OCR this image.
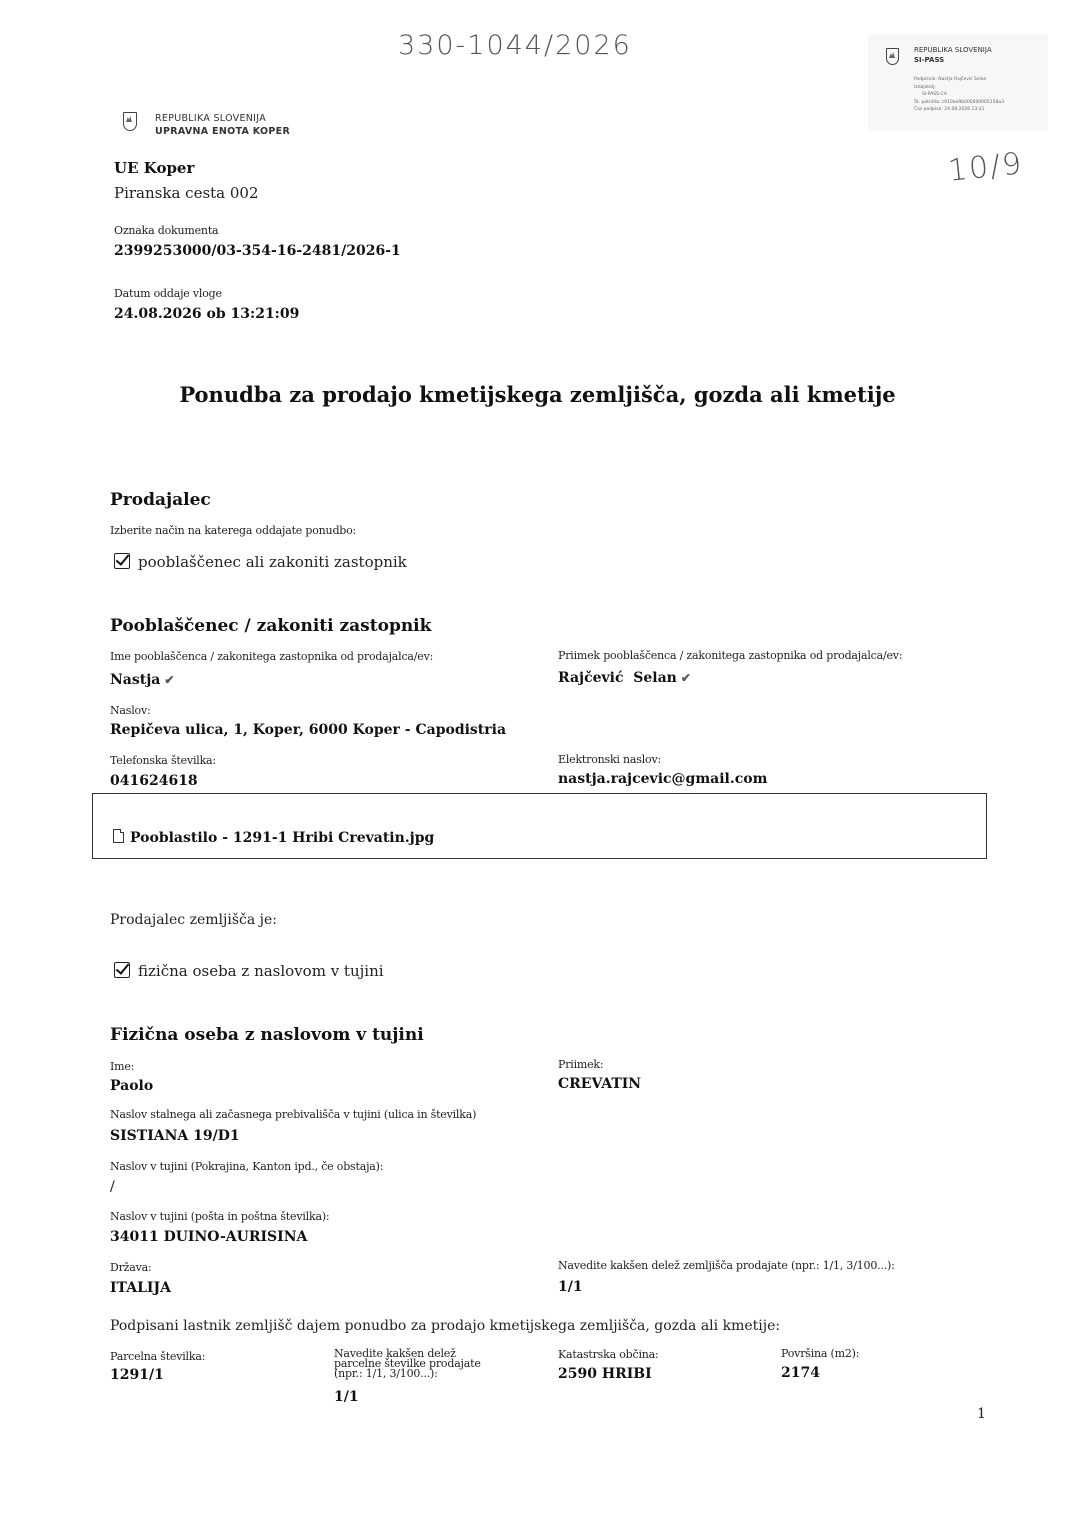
330-1044/2026
10/9
REPUBLIKA SLOVENIJA
SI-PASS
Podpisnik: Nastja Rajčević Selan
Izdajatelj:
SI-PASS-CA
Št. potrdila: c910ae9b000000005158a3
Čas podpisa: 24.08.2026 13:21
REPUBLIKA SLOVENIJA
UPRAVNA ENOTA KOPER
UE Koper
Piranska cesta 002
Oznaka dokumenta
2399253000/03-354-16-2481/2026-1
Datum oddaje vloge
24.08.2026 ob 13:21:09
Ponudba za prodajo kmetijskega zemljišča, gozda ali kmetije
Prodajalec
Izberite način na katerega oddajate ponudbo:
pooblaščenec ali zakoniti zastopnik
Pooblaščenec / zakoniti zastopnik
Ime pooblaščenca / zakonitega zastopnika od prodajalca/ev:
Nastja ✔
Priimek pooblaščenca / zakonitega zastopnika od prodajalca/ev:
Rajčević  Selan ✔
Naslov:
Repičeva ulica, 1, Koper, 6000 Koper - Capodistria
Telefonska številka:
041624618
Elektronski naslov:
nastja.rajcevic@gmail.com
Pooblastilo - 1291-1 Hribi Crevatin.jpg
Prodajalec zemljišča je:
fizična oseba z naslovom v tujini
Fizična oseba z naslovom v tujini
Ime:
Paolo
Priimek:
CREVATIN
Naslov stalnega ali začasnega prebivališča v tujini (ulica in številka)
SISTIANA 19/D1
Naslov v tujini (Pokrajina, Kanton ipd., če obstaja):
/
Naslov v tujini (pošta in poštna številka):
34011 DUINO-AURISINA
Država:
ITALIJA
Navedite kakšen delež zemljišča prodajate (npr.: 1/1, 3/100...):
1/1
Podpisani lastnik zemljišč dajem ponudbo za prodajo kmetijskega zemljišča, gozda ali kmetije:
Parcelna številka:
1291/1
Navedite kakšen delež parcelne številke prodajate (npr.: 1/1, 3/100...):
1/1
Katastrska občina:
2590 HRIBI
Površina (m2):
2174
1
